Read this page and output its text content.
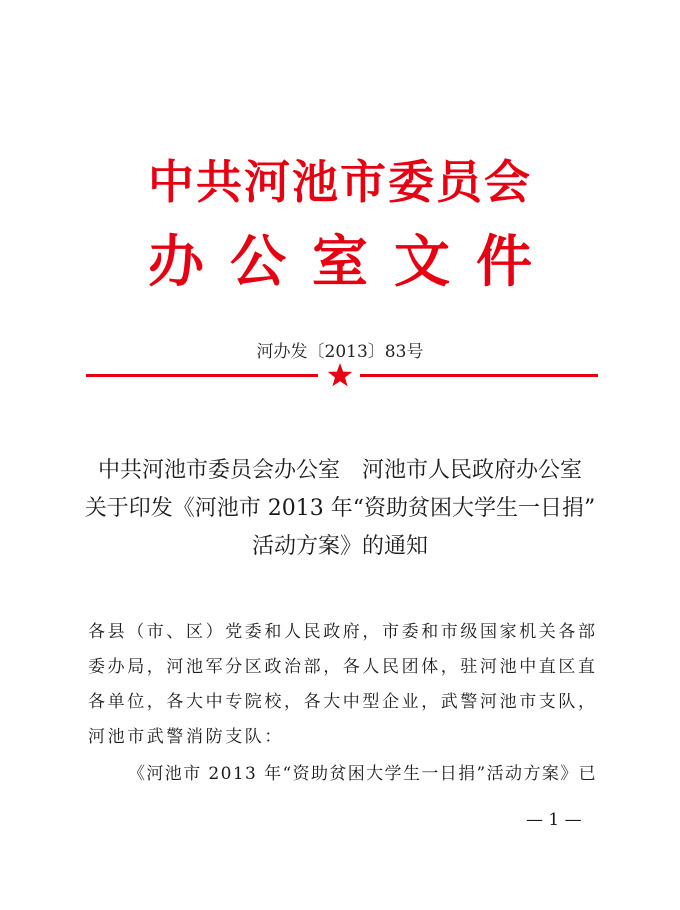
中共河池市委员会
办公室文件
河办发〔2013〕83号
中共河池市委员会办公室　河池市人民政府办公室
关于印发《河池市 2013 年“资助贫困大学生一日捐”
活动方案》的通知
各县（市、区）党委和人民政府，市委和市级国家机关各部
委办局，河池军分区政治部，各人民团体，驻河池中直区直
各单位，各大中专院校，各大中型企业，武警河池市支队，
河池市武警消防支队：
《河池市 2013 年“资助贫困大学生一日捐”活动方案》已
— 1 —
